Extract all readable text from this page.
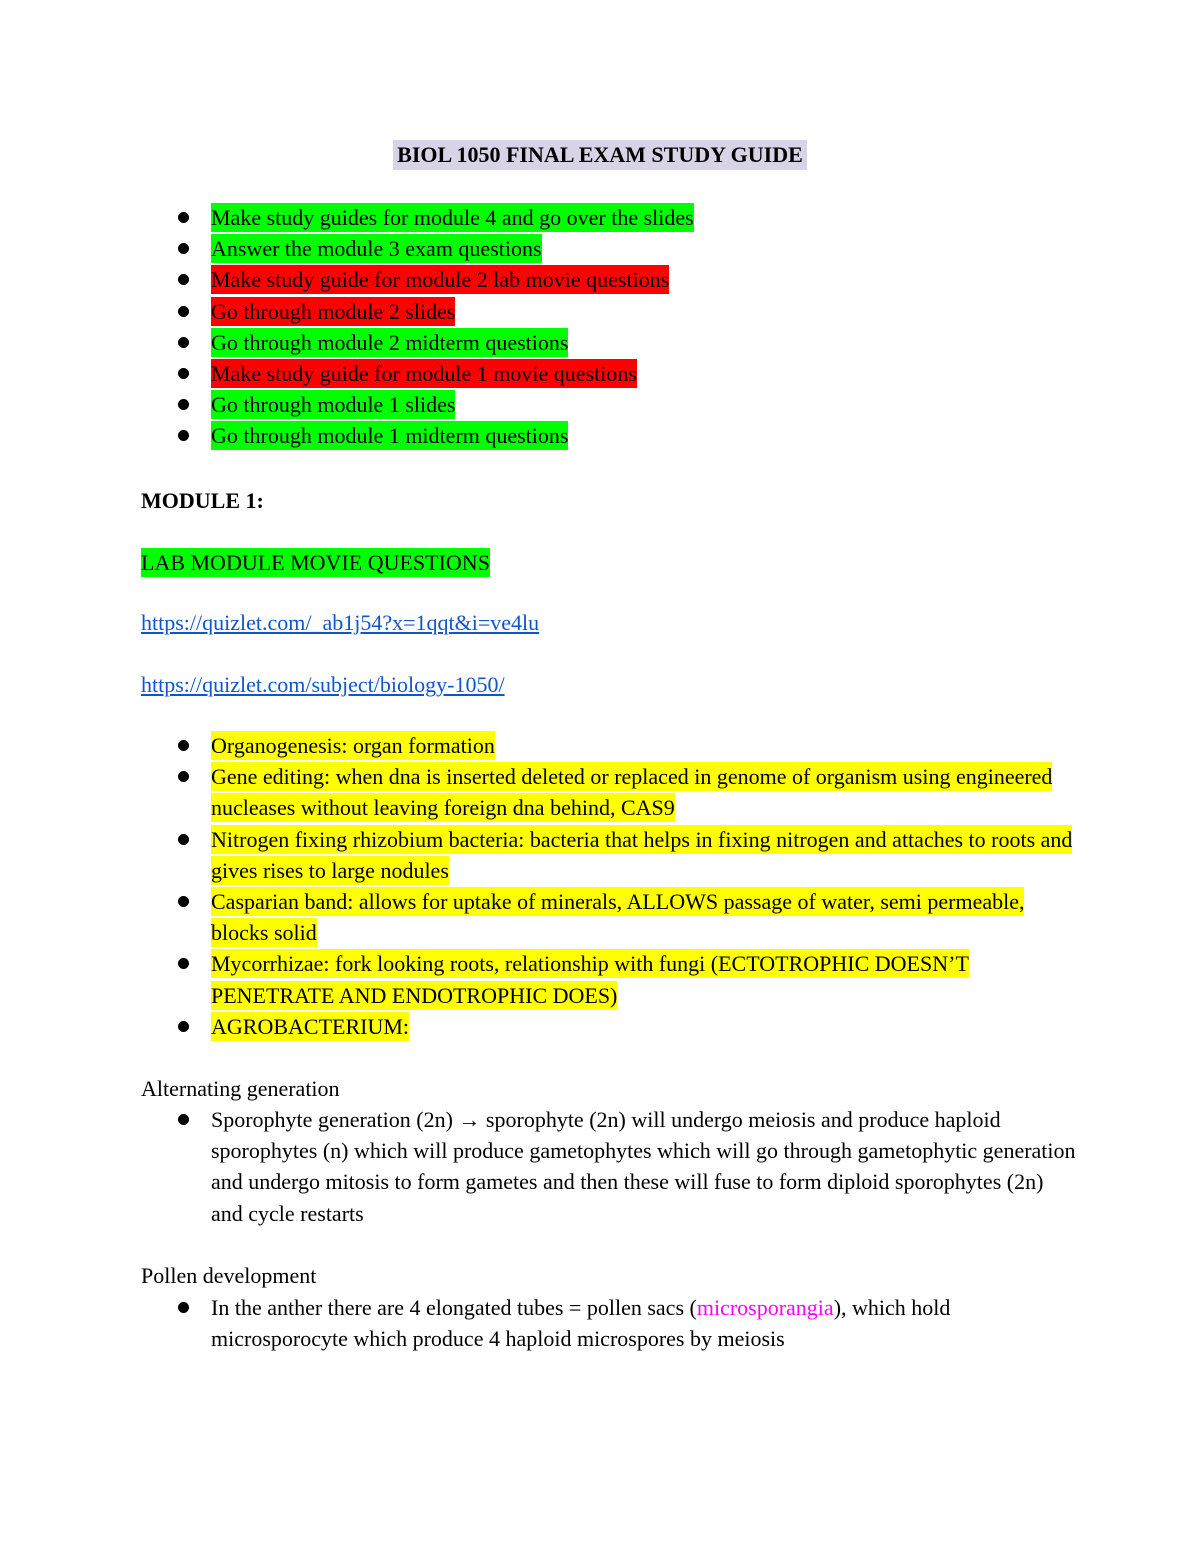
BIOL 1050 FINAL EXAM STUDY GUIDE
Make study guides for module 4 and go over the slides
Answer the module 3 exam questions
Make study guide for module 2 lab movie questions
Go through module 2 slides
Go through module 2 midterm questions
Make study guide for module 1 movie questions
Go through module 1 slides
Go through module 1 midterm questions
MODULE 1:
LAB MODULE MOVIE QUESTIONS
https://quizlet.com/_ab1j54?x=1qqt&i=ve4lu
https://quizlet.com/subject/biology-1050/
Organogenesis: organ formation
Gene editing: when dna is inserted deleted or replaced in genome of organism using engineered nucleases without leaving foreign dna behind, CAS9
Nitrogen fixing rhizobium bacteria: bacteria that helps in fixing nitrogen and attaches to roots and gives rises to large nodules
Casparian band: allows for uptake of minerals, ALLOWS passage of water, semi permeable, blocks solid
Mycorrhizae: fork looking roots, relationship with fungi (ECTOTROPHIC DOESN’T PENETRATE AND ENDOTROPHIC DOES)
AGROBACTERIUM:
Alternating generation
Sporophyte generation (2n) → sporophyte (2n) will undergo meiosis and produce haploid sporophytes (n) which will produce gametophytes which will go through gametophytic generation and undergo mitosis to form gametes and then these will fuse to form diploid sporophytes (2n) and cycle restarts
Pollen development
In the anther there are 4 elongated tubes = pollen sacs (microsporangia), which hold microsporocyte which produce 4 haploid microspores by meiosis
